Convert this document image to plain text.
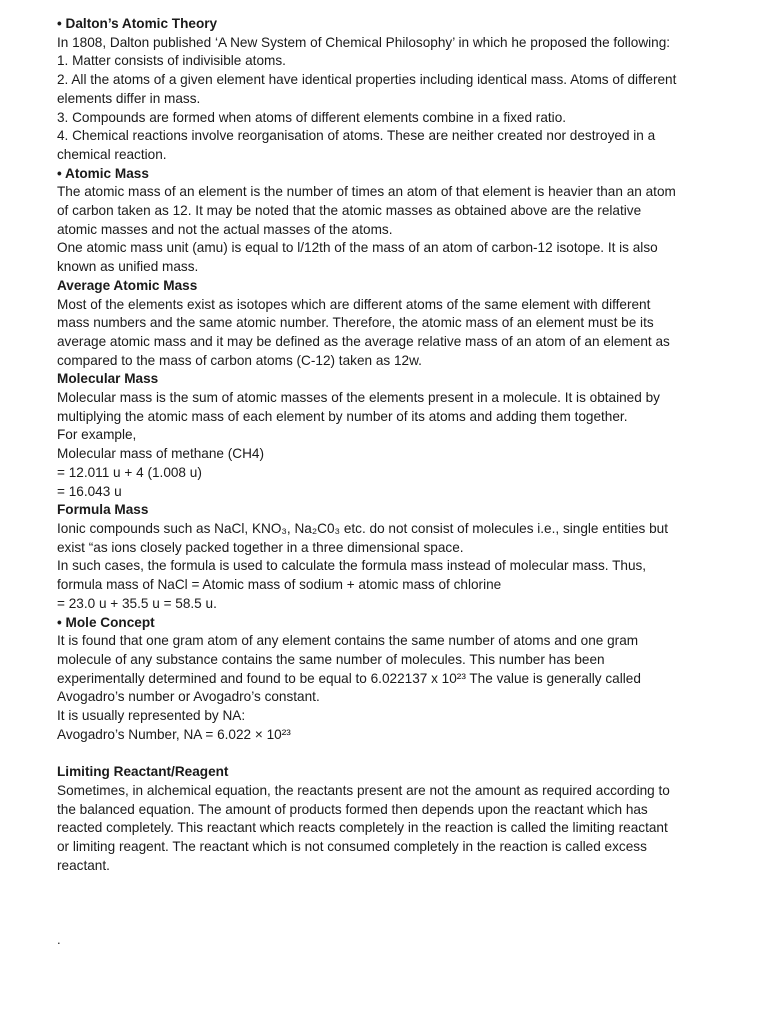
• Dalton’s Atomic Theory

In 1808, Dalton published ‘A New System of Chemical Philosophy’ in which he proposed the following:

1. Matter consists of indivisible atoms.

2. All the atoms of a given element have identical properties including identical mass. Atoms of different elements differ in mass.

3. Compounds are formed when atoms of different elements combine in a fixed ratio.

4. Chemical reactions involve reorganisation of atoms. These are neither created nor destroyed in a chemical reaction.

• Atomic Mass

The atomic mass of an element is the number of times an atom of that element is heavier than an atom of carbon taken as 12. It may be noted that the atomic masses as obtained above are the relative atomic masses and not the actual masses of the atoms.

One atomic mass unit (amu) is equal to l/12th of the mass of an atom of carbon-12 isotope. It is also known as unified mass.

Average Atomic Mass

Most of the elements exist as isotopes which are different atoms of the same element with different mass numbers and the same atomic number. Therefore, the atomic mass of an element must be its average atomic mass and it may be defined as the average relative mass of an atom of an element as compared to the mass of carbon atoms (C-12) taken as 12w.

Molecular Mass

Molecular mass is the sum of atomic masses of the elements present in a molecule. It is obtained by multiplying the atomic mass of each element by number of its atoms and adding them together.

For example,

Molecular mass of methane (CH4)

= 12.011 u + 4 (1.008 u)

= 16.043 u

Formula Mass

Ionic compounds such as NaCl, KNO₃, Na₂C0₃ etc. do not consist of molecules i.e., single entities but exist “as ions closely packed together in a three dimensional space.

In such cases, the formula is used to calculate the formula mass instead of molecular mass. Thus, formula mass of NaCl = Atomic mass of sodium + atomic mass of chlorine

= 23.0 u + 35.5 u = 58.5 u.

• Mole Concept

It is found that one gram atom of any element contains the same number of atoms and one gram molecule of any substance contains the same number of molecules. This number has been experimentally determined and found to be equal to 6.022137 x 10²³ The value is generally called Avogadro’s number or Avogadro’s constant.

It is usually represented by NA:

Avogadro’s Number, NA = 6.022 × 10²³

Limiting Reactant/Reagent

Sometimes, in alchemical equation, the reactants present are not the amount as required according to the balanced equation. The amount of products formed then depends upon the reactant which has reacted completely. This reactant which reacts completely in the reaction is called the limiting reactant or limiting reagent. The reactant which is not consumed completely in the reaction is called excess reactant.

.
